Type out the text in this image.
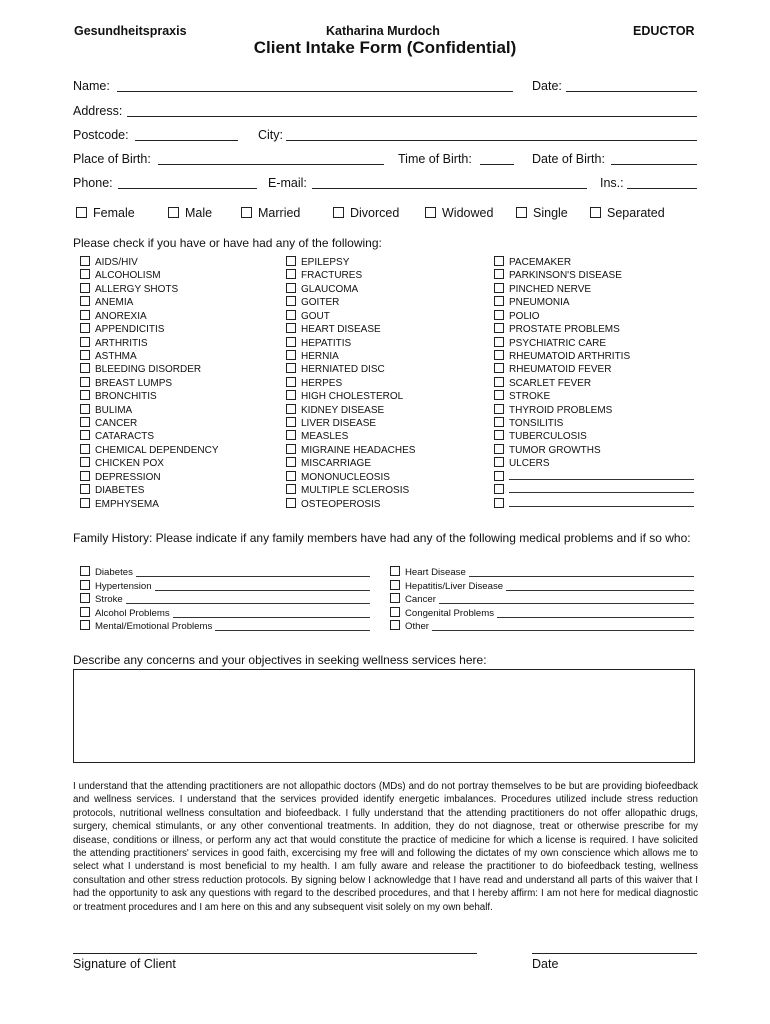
Gesundheitspraxis	Katharina Murdoch	EDUCTOR
Client Intake Form (Confidential)
Name:	Date:
Address:
Postcode:	City:
Place of Birth:	Time of Birth:	Date of Birth:
Phone:	E-mail:	Ins.:
Female	Male	Married	Divorced	Widowed	Single	Separated
Please check if you have or have had any of the following:
AIDS/HIV
ALCOHOLISM
ALLERGY SHOTS
ANEMIA
ANOREXIA
APPENDICITIS
ARTHRITIS
ASTHMA
BLEEDING DISORDER
BREAST LUMPS
BRONCHITIS
BULIMA
CANCER
CATARACTS
CHEMICAL DEPENDENCY
CHICKEN POX
DEPRESSION
DIABETES
EMPHYSEMA
EPILEPSY
FRACTURES
GLAUCOMA
GOITER
GOUT
HEART DISEASE
HEPATITIS
HERNIA
HERNIATED DISC
HERPES
HIGH CHOLESTEROL
KIDNEY DISEASE
LIVER DISEASE
MEASLES
MIGRAINE HEADACHES
MISCARRIAGE
MONONUCLEOSIS
MULTIPLE SCLEROSIS
OSTEOPEROSIS
PACEMAKER
PARKINSON'S DISEASE
PINCHED NERVE
PNEUMONIA
POLIO
PROSTATE PROBLEMS
PSYCHIATRIC CARE
RHEUMATOID ARTHRITIS
RHEUMATOID FEVER
SCARLET FEVER
STROKE
THYROID PROBLEMS
TONSILITIS
TUBERCULOSIS
TUMOR GROWTHS
ULCERS
Family History: Please indicate if any family members have had any of the following medical problems and if so who:
Diabetes
Hypertension
Stroke
Alcohol Problems
Mental/Emotional Problems
Heart Disease
Hepatitis/Liver Disease
Cancer
Congenital Problems
Other
Describe any concerns and your objectives in seeking wellness services here:
I understand that the attending practitioners are not allopathic doctors (MDs) and do not portray themselves to be but are providing biofeedback and wellness services. I understand that the services provided identify energetic imbalances. Procedures utilized include stress reduction protocols, nutritional wellness consultation and biofeedback. I fully understand that the attending practitioners do not offer allopathic drugs, surgery, chemical stimulants, or any other conventional treatments. In addition, they do not diagnose, treat or otherwise prescribe for my disease, conditions or illness, or perform any act that would constitute the practice of medicine for which a license is required. I have solicited the attending practitioners' services in good faith, excercising my free will and following the dictates of my own conscience which allows me to select what I understand is most beneficial to my health. I am fully aware and release the practitioner to do biofeedback testing, wellness consultation and other stress reduction protocols. By signing below I acknowledge that I have read and understand all parts of this waiver that I had the opportunity to ask any questions with regard to the described procedures, and that I hereby affirm: I am not here for medical diagnostic or treatment procedures and I am here on this and any subsequent visit solely on my own behalf.
Signature of Client	Date
